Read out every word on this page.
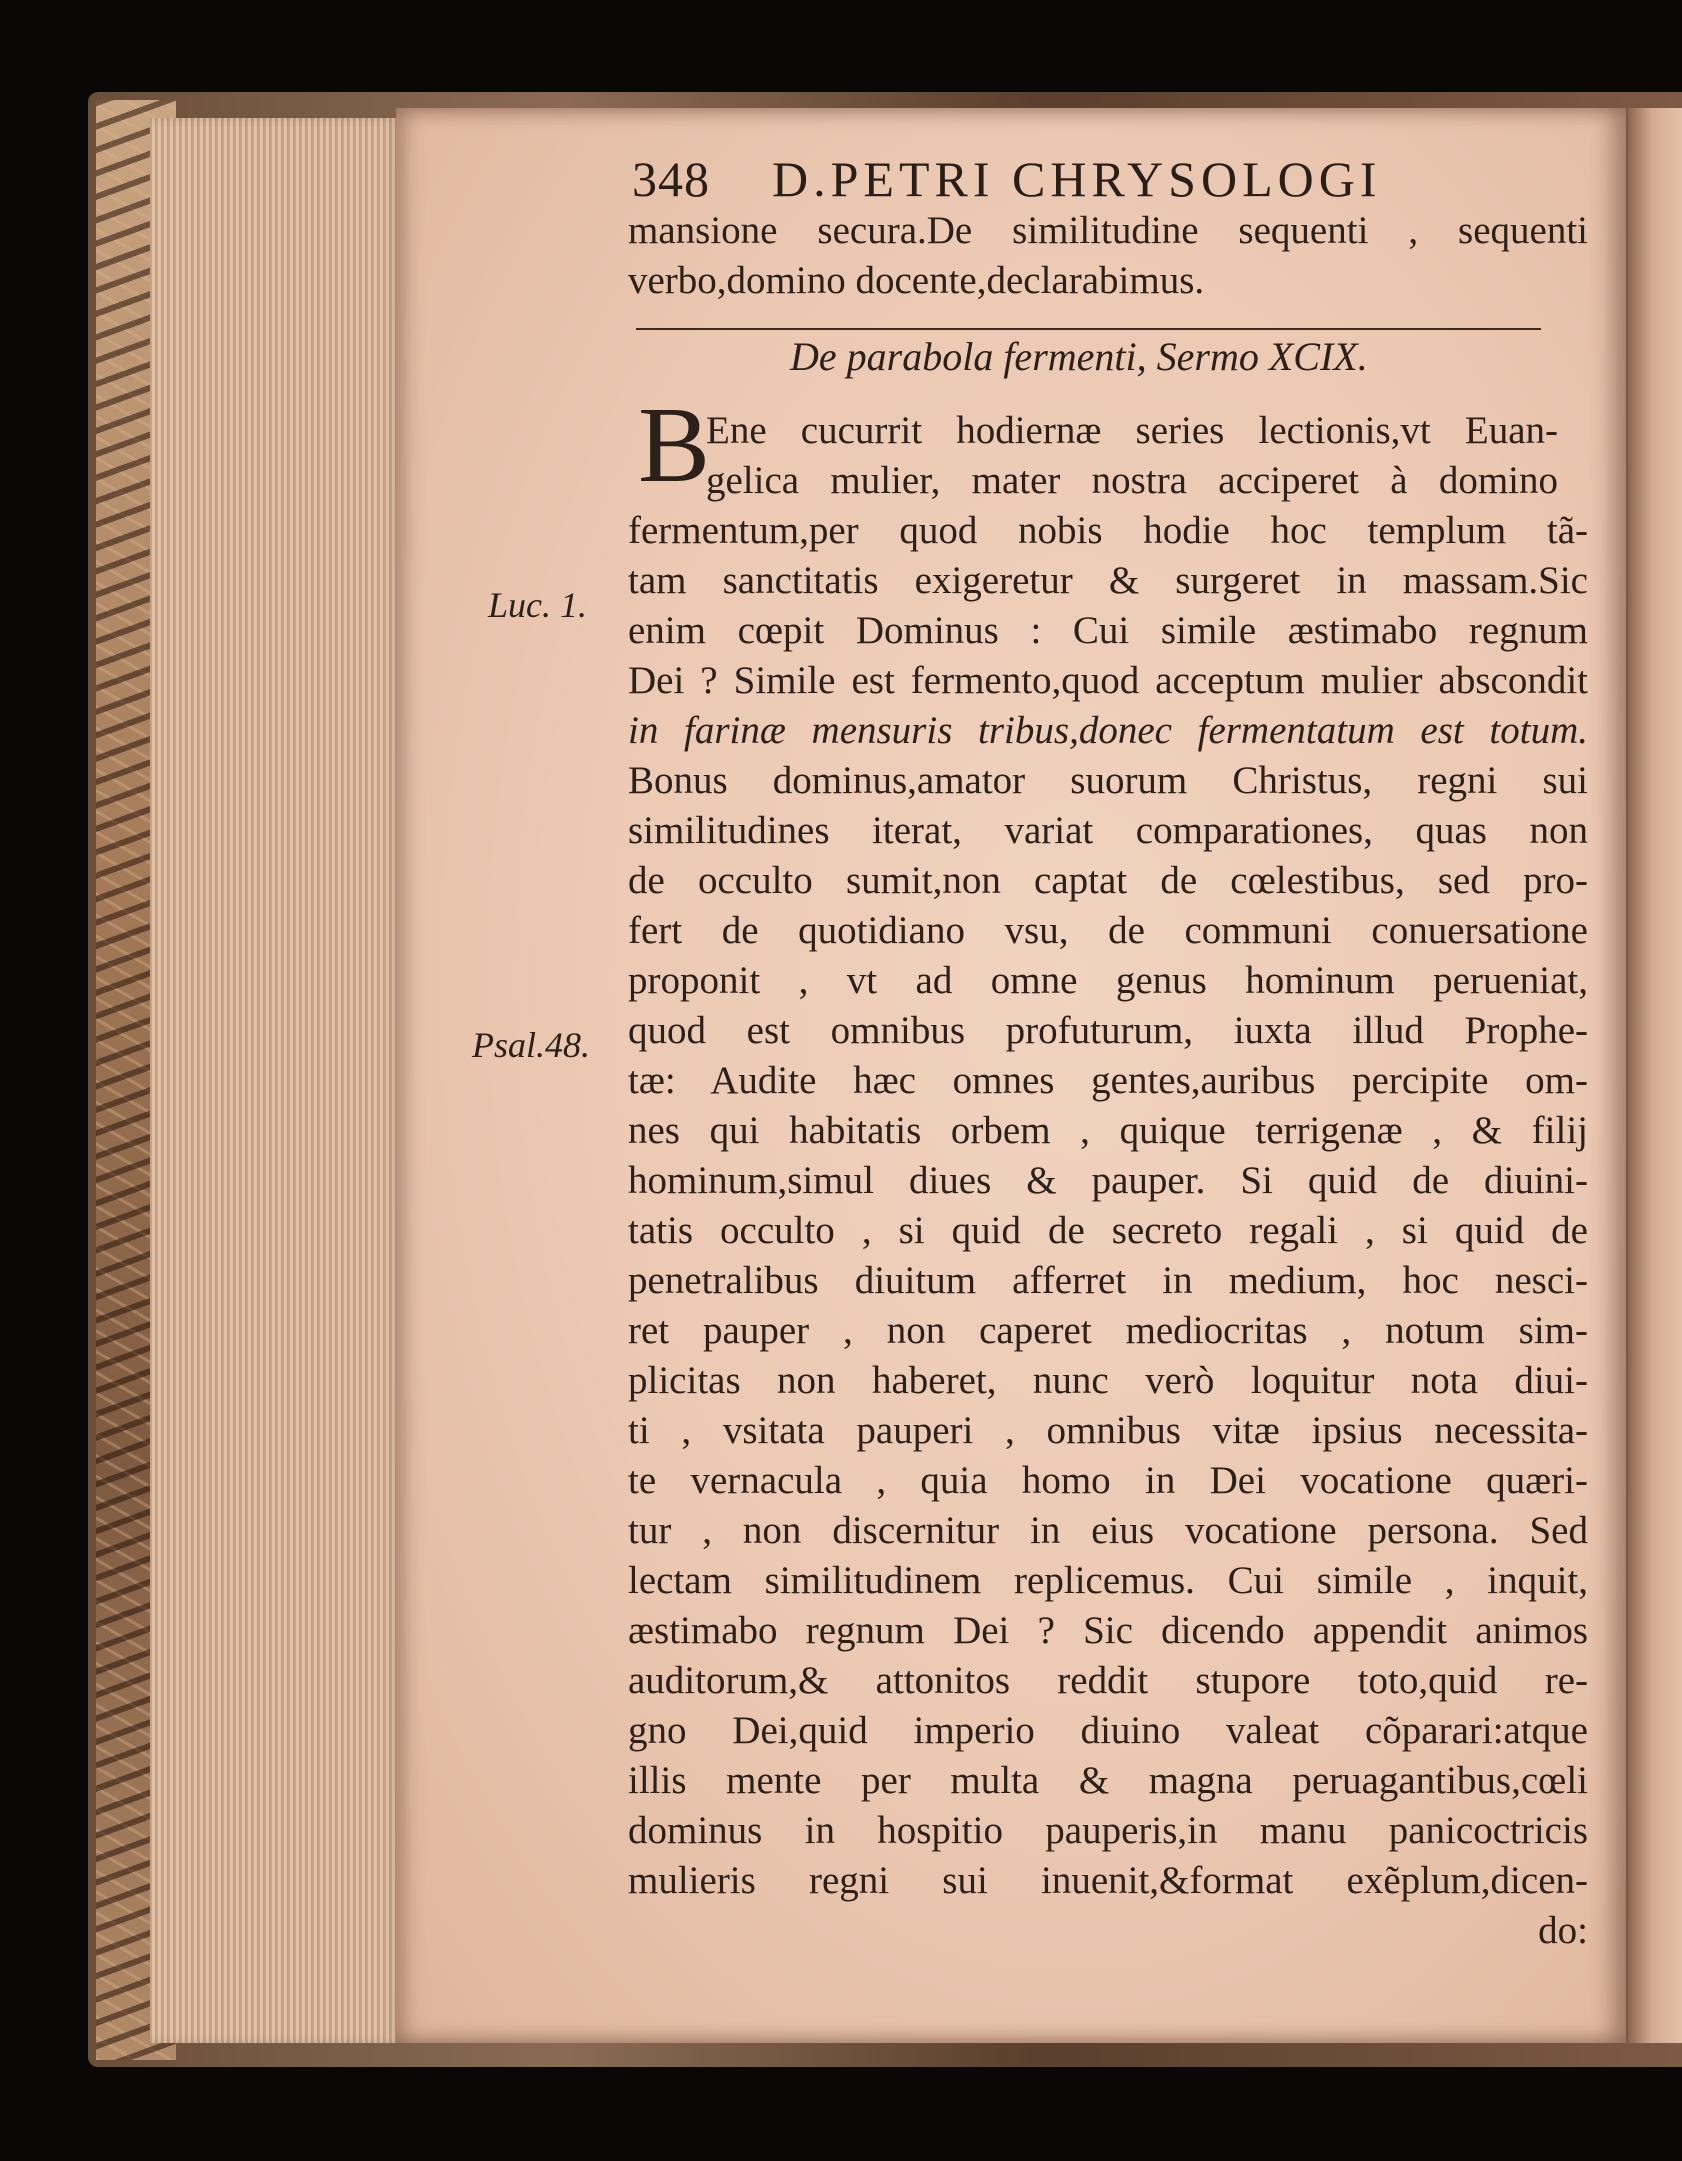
348 D.PETRI CHRYSOLOGI
mansione secura.De similitudine sequenti , sequenti
verbo,domino docente,declarabimus.
De parabola fermenti, Sermo XCIX.
B
Ene cucurrit hodiernæ series lectionis,vt Euan-
gelica mulier, mater nostra acciperet à domino
fermentum,per quod nobis hodie hoc templum tã-
tam sanctitatis exigeretur & surgeret in massam.Sic
enim cœpit Dominus : Cui simile æstimabo regnum
Dei ? Simile est fermento,quod acceptum mulier abscondit
in farinæ mensuris tribus,donec fermentatum est totum.
Bonus dominus,amator suorum Christus, regni sui
similitudines iterat, variat comparationes, quas non
de occulto sumit,non captat de cœlestibus, sed pro-
fert de quotidiano vsu, de communi conuersatione
proponit , vt ad omne genus hominum perueniat,
quod est omnibus profuturum, iuxta illud Prophe-
tæ: Audite hæc omnes gentes,auribus percipite om-
nes qui habitatis orbem , quique terrigenæ , & filij
hominum,simul diues & pauper. Si quid de diuini-
tatis occulto , si quid de secreto regali , si quid de
penetralibus diuitum afferret in medium, hoc nesci-
ret pauper , non caperet mediocritas , notum sim-
plicitas non haberet, nunc verò loquitur nota diui-
ti , vsitata pauperi , omnibus vitæ ipsius necessita-
te vernacula , quia homo in Dei vocatione quæri-
tur , non discernitur in eius vocatione persona. Sed
lectam similitudinem replicemus. Cui simile , inquit,
æstimabo regnum Dei ? Sic dicendo appendit animos
auditorum,& attonitos reddit stupore toto,quid re-
gno Dei,quid imperio diuino valeat cõparari:atque
illis mente per multa & magna peruagantibus,cœli
dominus in hospitio pauperis,in manu panicoctricis
mulieris regni sui inuenit,&format exẽplum,dicen-
do:
Luc. 1.
Psal.48.
